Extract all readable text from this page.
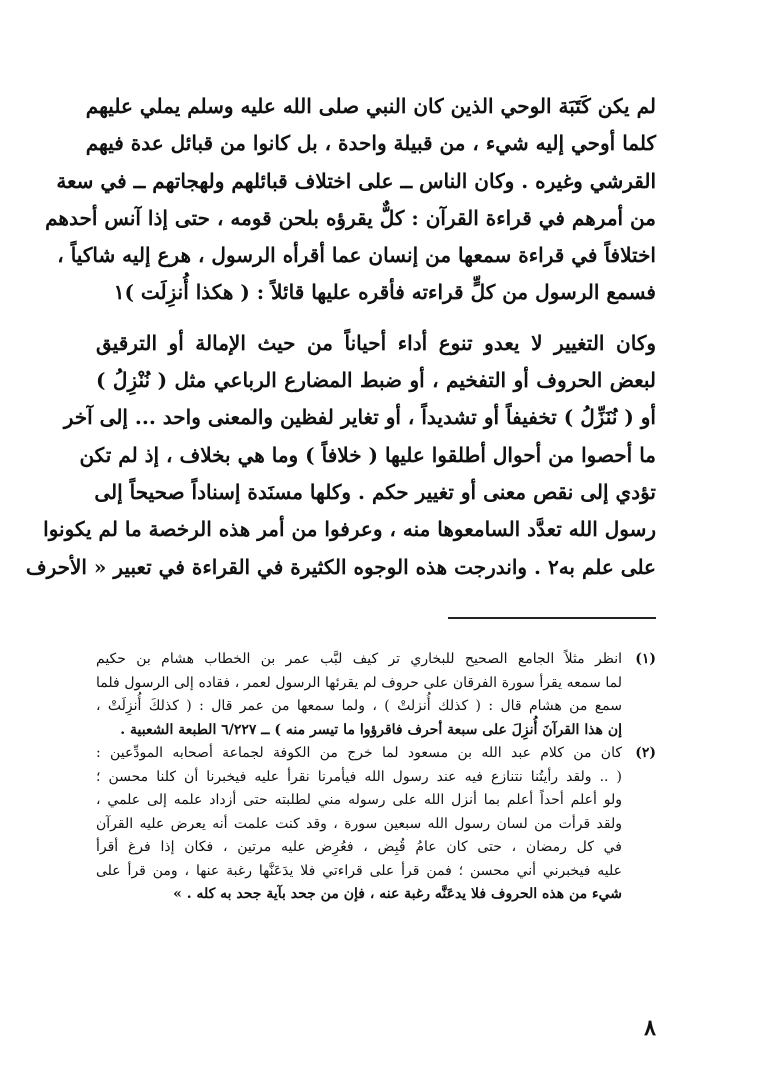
لم يكن كَتَبَة الوحي الذين كان النبي صلى الله عليه وسلم يملي عليهم
كلما أوحي إليه شيء ، من قبيلة واحدة ، بل كانوا من قبائل عدة فيهم
القرشي وغيره . وكان الناس ــ على اختلاف قبائلهم ولهجاتهم ــ في سعة
من أمرهم في قراءة القرآن : كلٌّ يقرؤه بلحن قومه ، حتى إذا آنس أحدهم
اختلافاً في قراءة سمعها من إنسان عما أقرأه الرسول ، هرع إليه شاكياً ،
فسمع الرسول من كلٍّ قراءته فأقره عليها قائلاً : ( هكذا أُنزِلَت )١
وكان التغيير لا يعدو تنوع أداء أحياناً من حيث الإمالة أو الترقيق
لبعض الحروف أو التفخيم ، أو ضبط المضارع الرباعي مثل ( نُنْزِلُ )
أو ( نُنَزِّلُ ) تخفيفاً أو تشديداً ، أو تغاير لفظين والمعنى واحد ... إلى آخر
ما أحصوا من أحوال أطلقوا عليها ( خلافاً ) وما هي بخلاف ، إذ لم تكن
تؤدي إلى نقص معنى أو تغيير حكم . وكلها مسنَدة إسناداً صحيحاً إلى
رسول الله تعدَّد السامعوها منه ، وعرفوا من أمر هذه الرخصة ما لم يكونوا
على علم به٢ . واندرجت هذه الوجوه الكثيرة في القراءة في تعبير « الأحرف
(١)
انظر مثلاً الجامع الصحيح للبخاري تر كيف لبَّب عمر بن الخطاب هشام بن حكيم
لما سمعه يقرأ سورة الفرقان على حروف لم يقرئها الرسول لعمر ، فقاده إلى الرسول فلما
سمع من هشام قال : ( كذلك أُنزلتْ ) ، ولما سمعها من عمر قال : ( كذلكَ أُنزِلَتْ ،
إن هذا القرآنَ أُنزِلَ على سبعة أحرف فاقرؤوا ما تيسر منه ) ــ ٦/٢٢٧ الطبعة الشعبية .
(٢)
كان من كلام عبد الله بن مسعود لما خرج من الكوفة لجماعة أصحابه المودِّعين :
( .. ولقد رأيتُنا نتنازع فيه عند رسول الله فيأمرنا نقرأ عليه فيخبرنا أن كلنا محسن ؛
ولو أعلم أحداً أعلم بما أنزل الله على رسوله مني لطلبته حتى أزداد علمه إلى علمي ،
ولقد قرأت من لسان رسول الله سبعين سورة ، وقد كنت علمت أنه يعرض عليه القرآن
في كل رمضان ، حتى كان عامُ قُبِض ، فعُرِض عليه مرتين ، فكان إذا فرغ أقرأ
عليه فيخبرني أني محسن ؛ فمن قرأ على قراءتي فلا يدَعَنَّها رغبة عنها ، ومن قرأ على
شيء من هذه الحروف فلا يدعَنَّه رغبة عنه ، فإن من جحد بآية جحد به كله . »
٨
